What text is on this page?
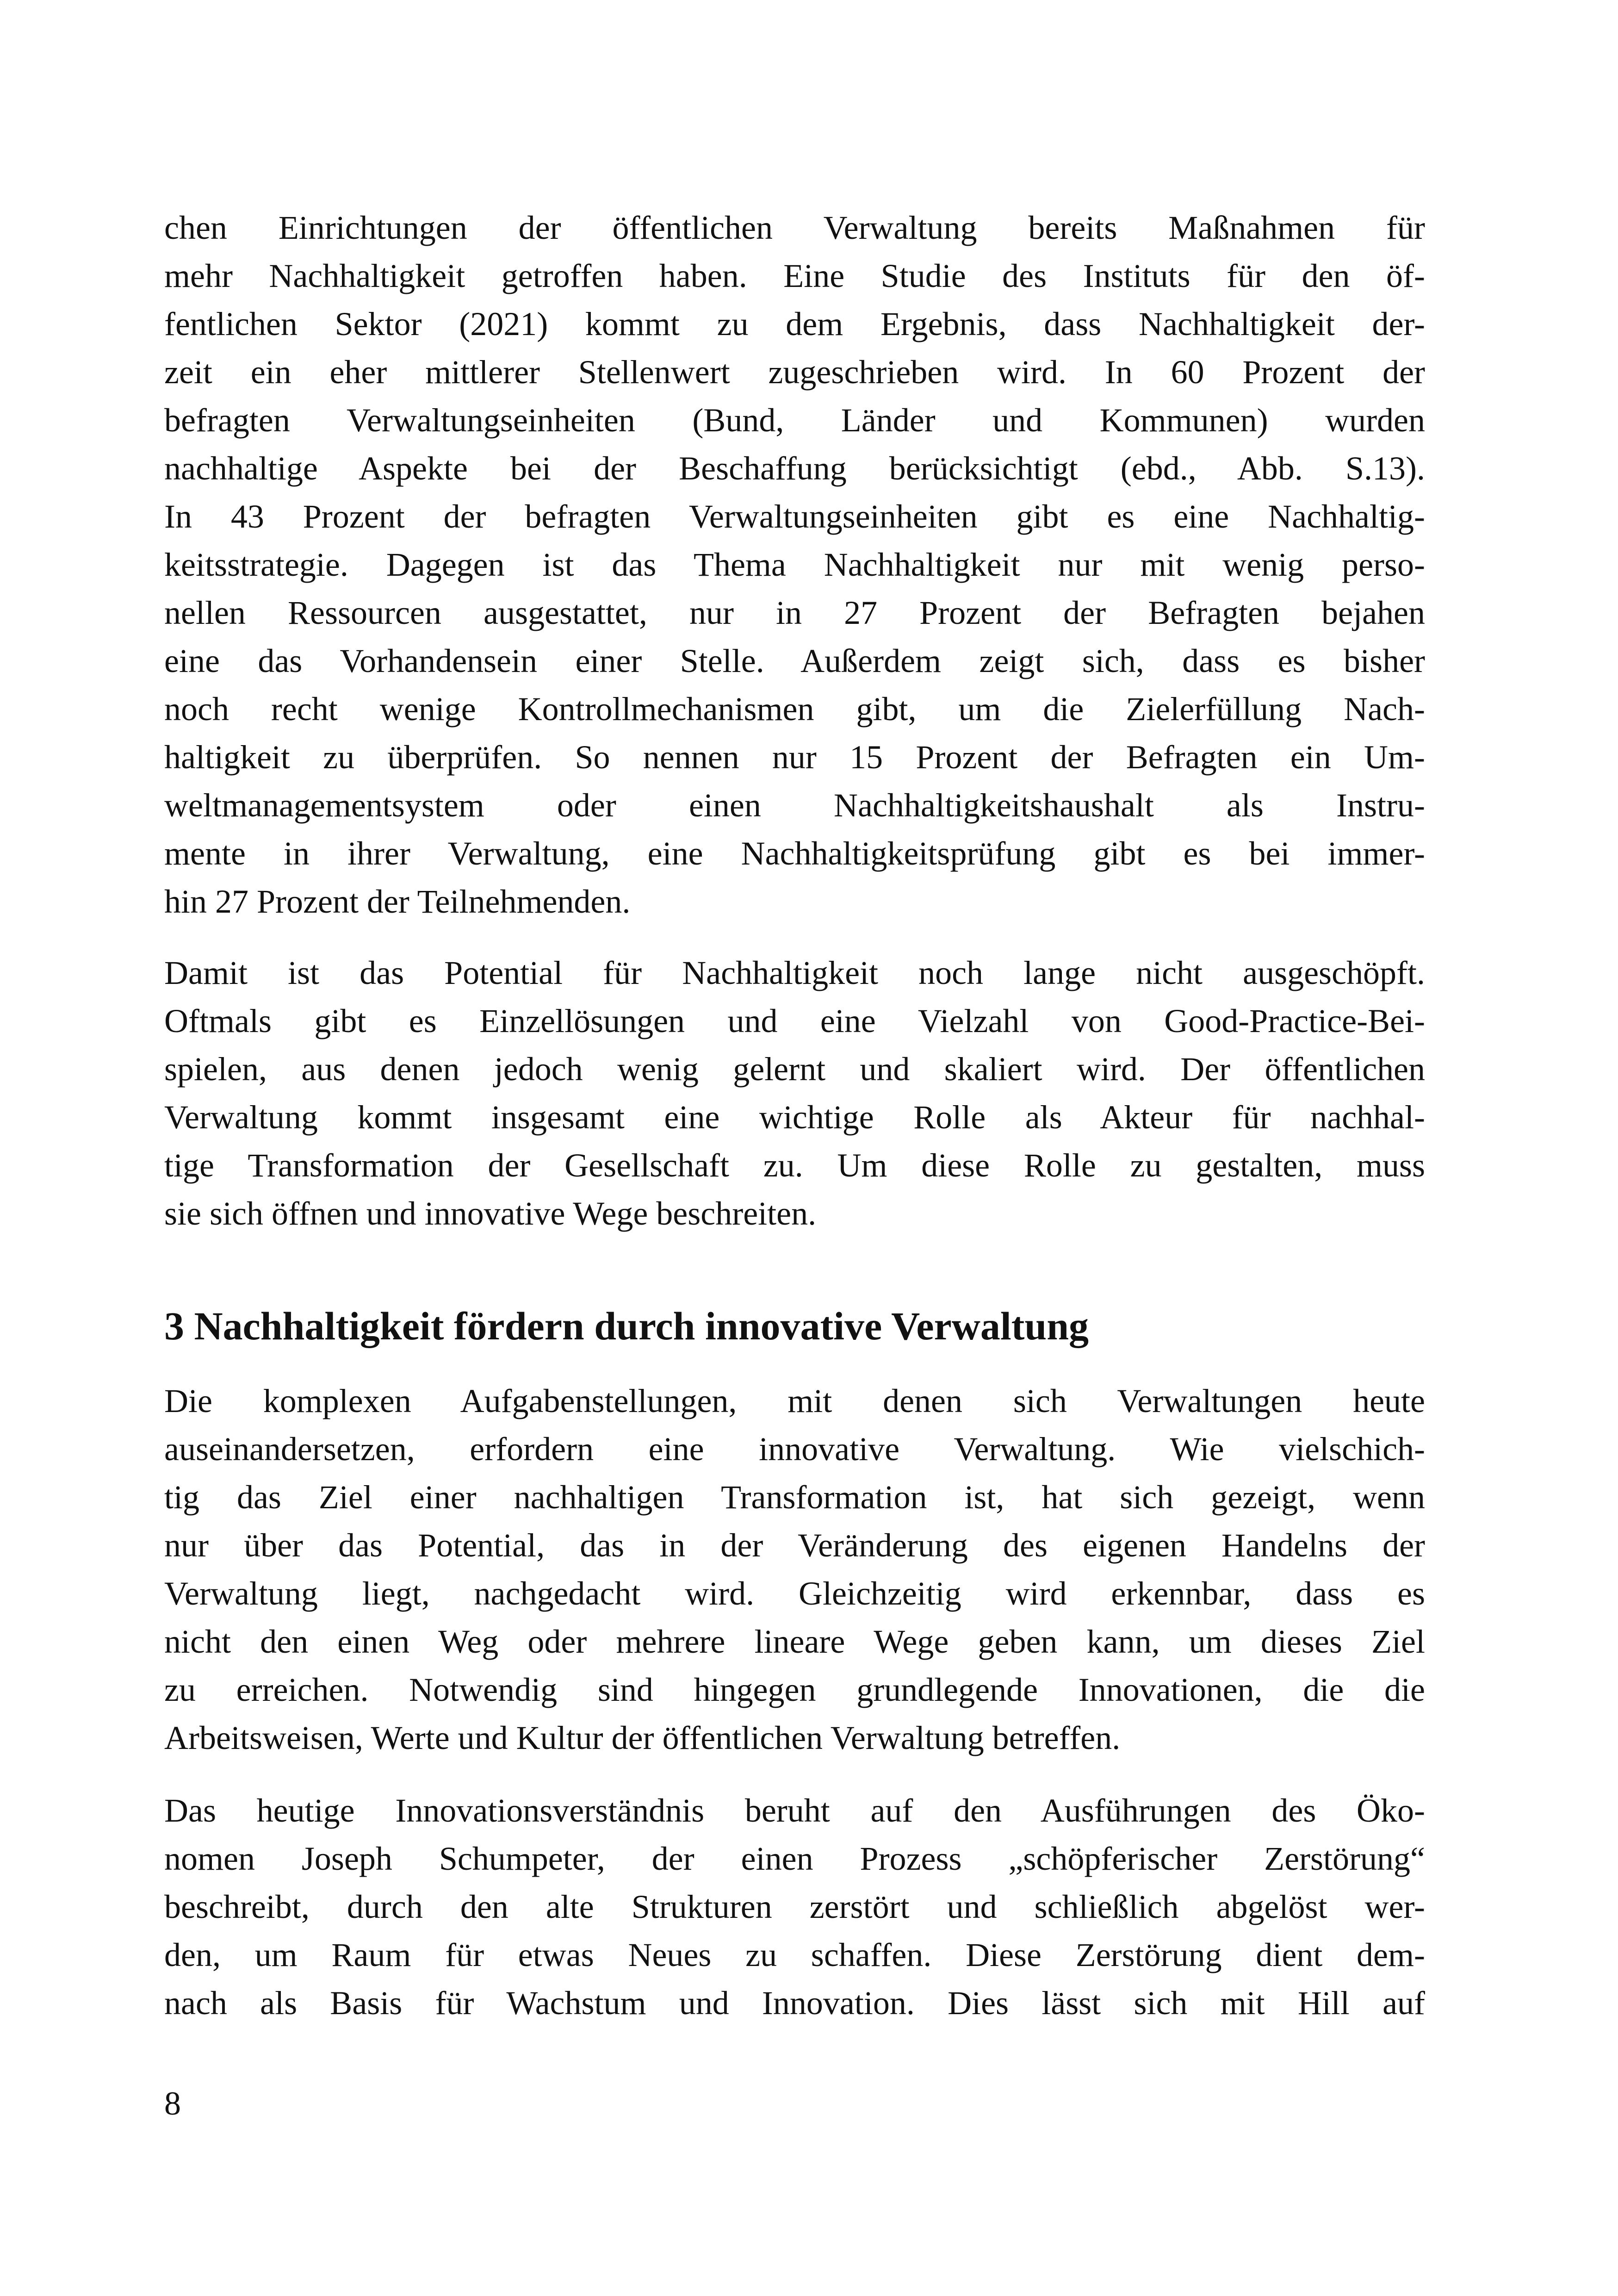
chen Einrichtungen der öffentlichen Verwaltung bereits Maßnahmen für
mehr Nachhaltigkeit getroffen haben. Eine Studie des Instituts für den öf-
fentlichen Sektor (2021) kommt zu dem Ergebnis, dass Nachhaltigkeit der-
zeit ein eher mittlerer Stellenwert zugeschrieben wird. In 60 Prozent der
befragten Verwaltungseinheiten (Bund, Länder und Kommunen) wurden
nachhaltige Aspekte bei der Beschaffung berücksichtigt (ebd., Abb. S.13).
In 43 Prozent der befragten Verwaltungseinheiten gibt es eine Nachhaltig-
keitsstrategie. Dagegen ist das Thema Nachhaltigkeit nur mit wenig perso-
nellen Ressourcen ausgestattet, nur in 27 Prozent der Befragten bejahen
eine das Vorhandensein einer Stelle. Außerdem zeigt sich, dass es bisher
noch recht wenige Kontrollmechanismen gibt, um die Zielerfüllung Nach-
haltigkeit zu überprüfen. So nennen nur 15 Prozent der Befragten ein Um-
weltmanagementsystem oder einen Nachhaltigkeitshaushalt als Instru-
mente in ihrer Verwaltung, eine Nachhaltigkeitsprüfung gibt es bei immer-
hin 27 Prozent der Teilnehmenden.
Damit ist das Potential für Nachhaltigkeit noch lange nicht ausgeschöpft.
Oftmals gibt es Einzellösungen und eine Vielzahl von Good-Practice-Bei-
spielen, aus denen jedoch wenig gelernt und skaliert wird. Der öffentlichen
Verwaltung kommt insgesamt eine wichtige Rolle als Akteur für nachhal-
tige Transformation der Gesellschaft zu. Um diese Rolle zu gestalten, muss
sie sich öffnen und innovative Wege beschreiten.
3 Nachhaltigkeit fördern durch innovative Verwaltung
Die komplexen Aufgabenstellungen, mit denen sich Verwaltungen heute
auseinandersetzen, erfordern eine innovative Verwaltung. Wie vielschich-
tig das Ziel einer nachhaltigen Transformation ist, hat sich gezeigt, wenn
nur über das Potential, das in der Veränderung des eigenen Handelns der
Verwaltung liegt, nachgedacht wird. Gleichzeitig wird erkennbar, dass es
nicht den einen Weg oder mehrere lineare Wege geben kann, um dieses Ziel
zu erreichen. Notwendig sind hingegen grundlegende Innovationen, die die
Arbeitsweisen, Werte und Kultur der öffentlichen Verwaltung betreffen.
Das heutige Innovationsverständnis beruht auf den Ausführungen des Öko-
nomen Joseph Schumpeter, der einen Prozess „schöpferischer Zerstörung“
beschreibt, durch den alte Strukturen zerstört und schließlich abgelöst wer-
den, um Raum für etwas Neues zu schaffen. Diese Zerstörung dient dem-
nach als Basis für Wachstum und Innovation. Dies lässt sich mit Hill auf
8
